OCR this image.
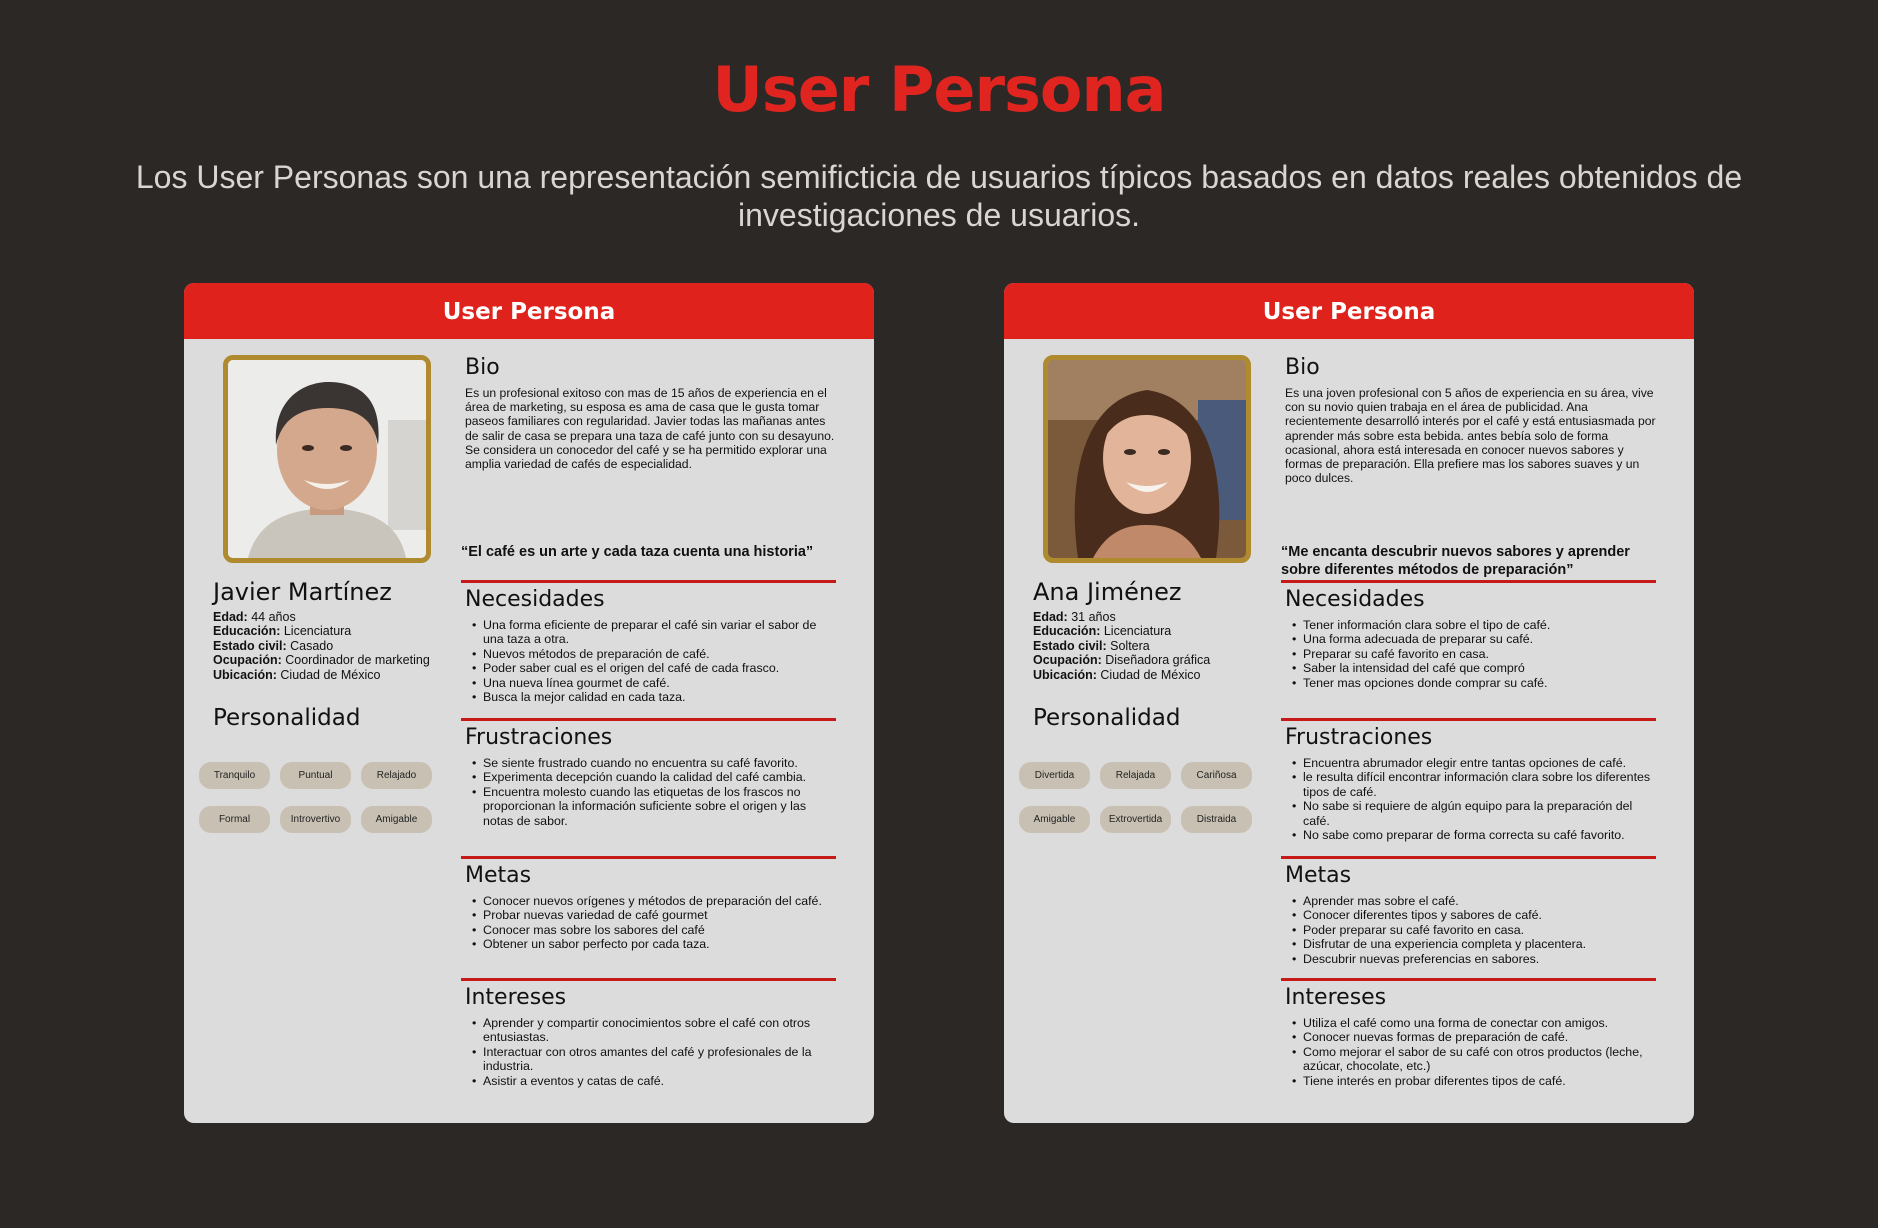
User Persona
Los User Personas son una representación semificticia de usuarios típicos basados en datos reales obtenidos de investigaciones de usuarios.
User Persona
Javier Martínez
Edad: 44 años
Educación: Licenciatura
Estado civil: Casado
Ocupación: Coordinador de marketing
Ubicación: Ciudad de México
Personalidad
Tranquilo	Puntual	Relajado
Formal	Introvertivo	Amigable
Bio

Es un profesional exitoso con mas de 15 años de experiencia en el área de marketing, su esposa es ama de casa que le gusta tomar paseos familiares con regularidad. Javier todas las mañanas antes de salir de casa se prepara una taza de café junto con su desayuno. Se considera un conocedor del café y se ha permitido explorar una amplia variedad de cafés de especialidad.

“El café es un arte y cada taza cuenta una historia”
Necesidades
• Una forma eficiente de preparar el café sin variar el sabor de una taza a otra.
• Nuevos métodos de preparación de café.
• Poder saber cual es el origen del café de cada frasco.
• Una nueva línea gourmet de café.
• Busca la mejor calidad en cada taza.
Frustraciones
• Se siente frustrado cuando no encuentra su café favorito.
• Experimenta decepción cuando la calidad del café cambia.
• Encuentra molesto cuando las etiquetas de los frascos no proporcionan la información suficiente sobre el origen y las notas de sabor.
Metas
• Conocer nuevos orígenes y métodos de preparación del café.
• Probar nuevas variedad de café gourmet
• Conocer mas sobre los sabores del café
• Obtener un sabor perfecto por cada taza.
Intereses
• Aprender y compartir conocimientos sobre el café con otros entusiastas.
• Interactuar con otros amantes del café y profesionales de la industria.
• Asistir a eventos y catas de café.
User Persona
Ana Jiménez
Edad: 31 años
Educación: Licenciatura
Estado civil: Soltera
Ocupación: Diseñadora gráfica
Ubicación: Ciudad de México
Personalidad
Divertida	Relajada	Cariñosa
Amigable	Extrovertida	Distraida
Bio

Es una joven profesional con 5 años de experiencia en su área, vive con su novio quien trabaja en el área de publicidad. Ana recientemente desarrolló interés por el café y está entusiasmada por aprender más sobre esta bebida. antes bebía solo de forma ocasional, ahora está interesada en conocer nuevos sabores y formas de preparación. Ella prefiere mas los sabores suaves y un poco dulces.

“Me encanta descubrir nuevos sabores y aprender sobre diferentes métodos de preparación”
Necesidades
• Tener información clara sobre el tipo de café.
• Una forma adecuada de preparar su café.
• Preparar su café favorito en casa.
• Saber la intensidad del café que compró
• Tener mas opciones donde comprar su café.
Frustraciones
• Encuentra abrumador elegir entre tantas opciones de café.
• le resulta difícil encontrar información clara sobre los diferentes tipos de café.
• No sabe si requiere de algún equipo para la preparación del café.
• No sabe como preparar de forma correcta su café favorito.
Metas
• Aprender mas sobre el café.
• Conocer diferentes tipos y sabores de café.
• Poder preparar su café favorito en casa.
• Disfrutar de una experiencia completa y placentera.
• Descubrir nuevas preferencias en sabores.
Intereses
• Utiliza el café como una forma de conectar con amigos.
• Conocer nuevas formas de preparación de café.
• Como mejorar el sabor de su café con otros productos (leche, azúcar, chocolate, etc.)
• Tiene interés en probar diferentes tipos de café.
